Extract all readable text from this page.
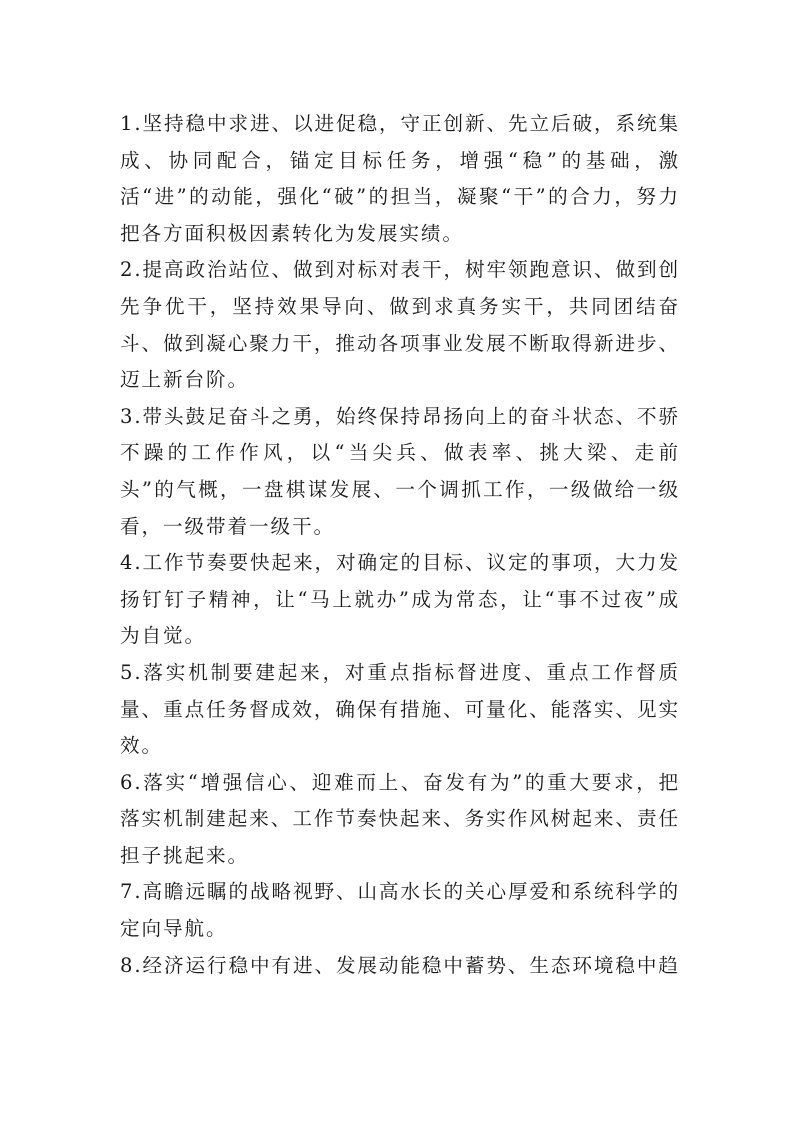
1.坚持稳中求进、以进促稳，守正创新、先立后破，系统集成、协同配合，锚定目标任务，增强“稳”的基础，激活“进”的动能，强化“破”的担当，凝聚“干”的合力，努力把各方面积极因素转化为发展实绩。

2.提高政治站位、做到对标对表干，树牢领跑意识、做到创先争优干，坚持效果导向、做到求真务实干，共同团结奋斗、做到凝心聚力干，推动各项事业发展不断取得新进步、迈上新台阶。

3.带头鼓足奋斗之勇，始终保持昂扬向上的奋斗状态、不骄不躁的工作作风，以“当尖兵、做表率、挑大梁、走前头”的气概，一盘棋谋发展、一个调抓工作，一级做给一级看，一级带着一级干。

4.工作节奏要快起来，对确定的目标、议定的事项，大力发扬钉钉子精神，让“马上就办”成为常态，让“事不过夜”成为自觉。

5.落实机制要建起来，对重点指标督进度、重点工作督质量、重点任务督成效，确保有措施、可量化、能落实、见实效。

6.落实“增强信心、迎难而上、奋发有为”的重大要求，把落实机制建起来、工作节奏快起来、务实作风树起来、责任担子挑起来。

7.高瞻远瞩的战略视野、山高水长的关心厚爱和系统科学的定向导航。

8.经济运行稳中有进、发展动能稳中蓄势、生态环境稳中趋
